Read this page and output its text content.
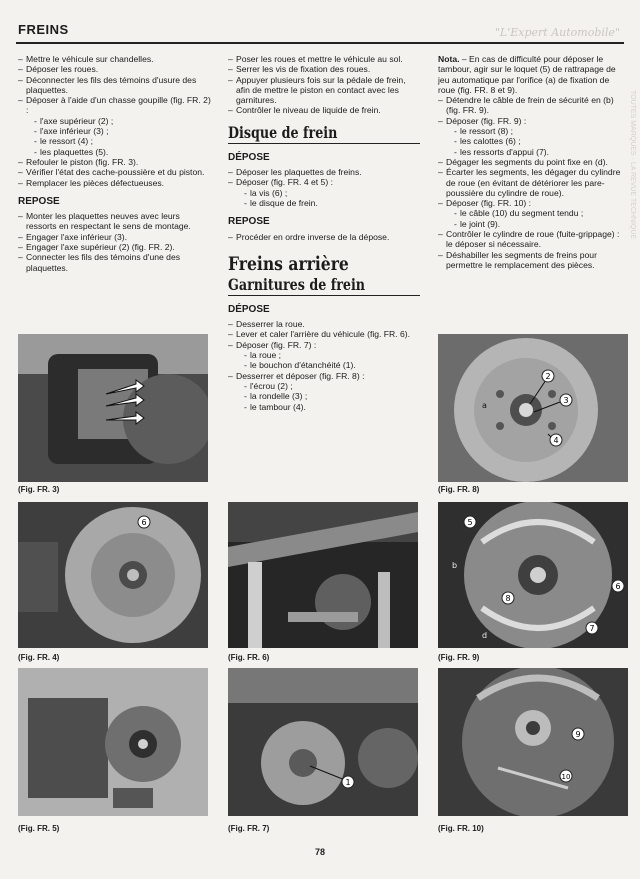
FREINS	"L'Expert Automobile"
TOUTES MARQUES · LA REVUE TECHNIQUE
– Mettre le véhicule sur chandelles.
– Déposer les roues.
– Déconnecter les fils des témoins d'usure des plaquettes.
– Déposer à l'aide d'un chasse goupille (fig. FR. 2) :
- l'axe supérieur (2) ;
- l'axe inférieur (3) ;
- le ressort (4) ;
- les plaquettes (5).
– Refouler le piston (fig. FR. 3).
– Vérifier l'état des cache-poussière et du piston.
– Remplacer les pièces défectueuses.
REPOSE
– Monter les plaquettes neuves avec leurs ressorts en respectant le sens de montage.
– Engager l'axe inférieur (3).
– Engager l'axe supérieur (2) (fig. FR. 2).
– Connecter les fils des témoins d'une des plaquettes.
– Poser les roues et mettre le véhicule au sol.
– Serrer les vis de fixation des roues.
– Appuyer plusieurs fois sur la pédale de frein, afin de mettre le piston en contact avec les garnitures.
– Contrôler le niveau de liquide de frein.
Disque de frein
DÉPOSE
– Déposer les plaquettes de freins.
– Déposer (fig. FR. 4 et 5) :
- la vis (6) ;
- le disque de frein.
REPOSE
– Procéder en ordre inverse de la dépose.
Freins arrière
Garnitures de frein
DÉPOSE
– Desserrer la roue.
– Lever et caler l'arrière du véhicule (fig. FR. 6).
– Déposer (fig. FR. 7) :
- la roue ;
- le bouchon d'étanchéité (1).
– Desserrer et déposer (fig. FR. 8) :
- l'écrou (2) ;
- la rondelle (3) ;
- le tambour (4).
Nota. – En cas de difficulté pour déposer le tambour, agir sur le loquet (5) de rattrapage de jeu automatique par l'orifice (a) de fixation de roue (fig. FR. 8 et 9).
– Détendre le câble de frein de sécurité en (b) (fig. FR. 9).
– Déposer (fig. FR. 9) :
- le ressort (8) ;
- les calottes (6) ;
- les ressorts d'appui (7).
– Dégager les segments du point fixe en (d).
– Écarter les segments, les dégager du cylindre de roue (en évitant de détériorer les pare-poussière du cylindre de roue).
– Déposer (fig. FR. 10) :
- le câble (10) du segment tendu ;
- le joint (9).
– Contrôler le cylindre de roue (fuite-grippage) : le déposer si nécessaire.
– Déshabiller les segments de freins pour permettre le remplacement des pièces.
(Fig. FR. 3)
6
(Fig. FR. 4)
(Fig. FR. 5)
(Fig. FR. 6)
1
(Fig. FR. 7)
2
3
4
a
(Fig. FR. 8)
5
6
7
8
b
d
(Fig. FR. 9)
9
10
(Fig. FR. 10)
78
